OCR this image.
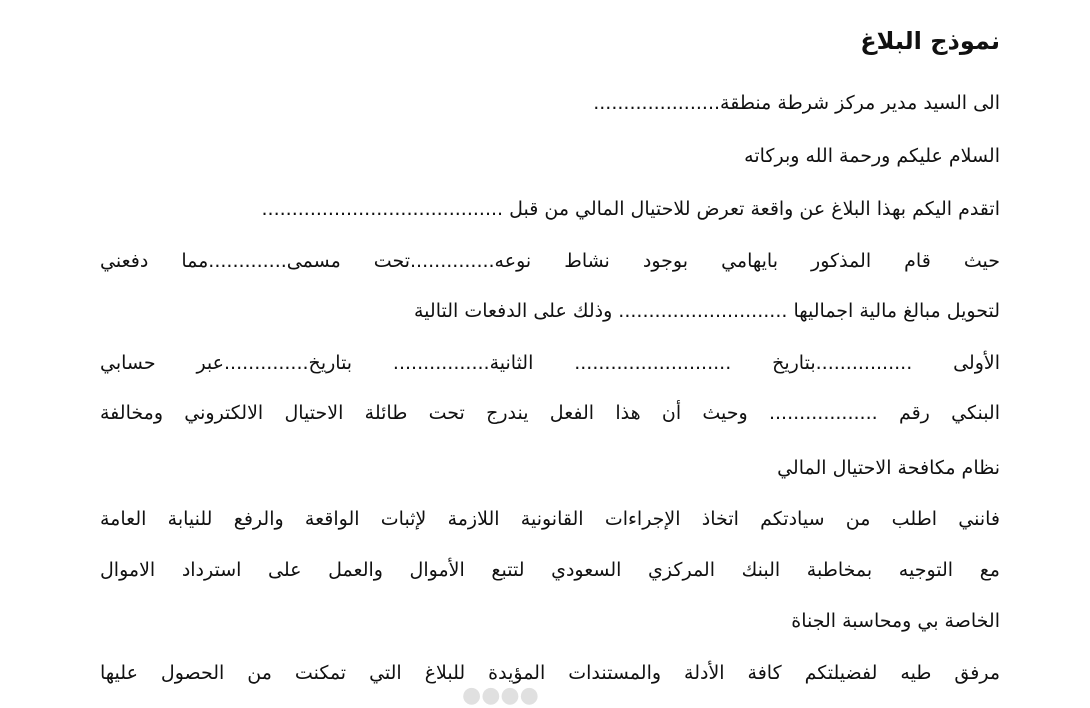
نموذج البلاغ
الى السيد مدير مركز شرطة منطقة.....................
السلام عليكم ورحمة الله وبركاته
اتقدم اليكم بهذا البلاغ عن واقعة تعرض للاحتيال المالي من قبل ........................................
حيث قام المذكور بايهامي بوجود نشاط نوعه..............تحت مسمى.............مما دفعني
لتحويل مبالغ مالية اجماليها ............................ وذلك على الدفعات التالية
الأولى ................بتاريخ .......................... الثانية................ بتاريخ..............عبر حسابي
البنكي رقم .................. وحيث أن هذا الفعل يندرج تحت طائلة الاحتيال الالكتروني ومخالفة
نظام مكافحة الاحتيال المالي
فانني اطلب من سيادتكم اتخاذ الإجراءات القانونية اللازمة لإثبات الواقعة والرفع للنيابة العامة
مع التوجيه بمخاطبة البنك المركزي السعودي لتتبع الأموال والعمل على استرداد الاموال
الخاصة بي ومحاسبة الجناة
مرفق طيه لفضيلتكم كافة الأدلة والمستندات المؤيدة للبلاغ التي تمكنت من الحصول عليها
●●●●
